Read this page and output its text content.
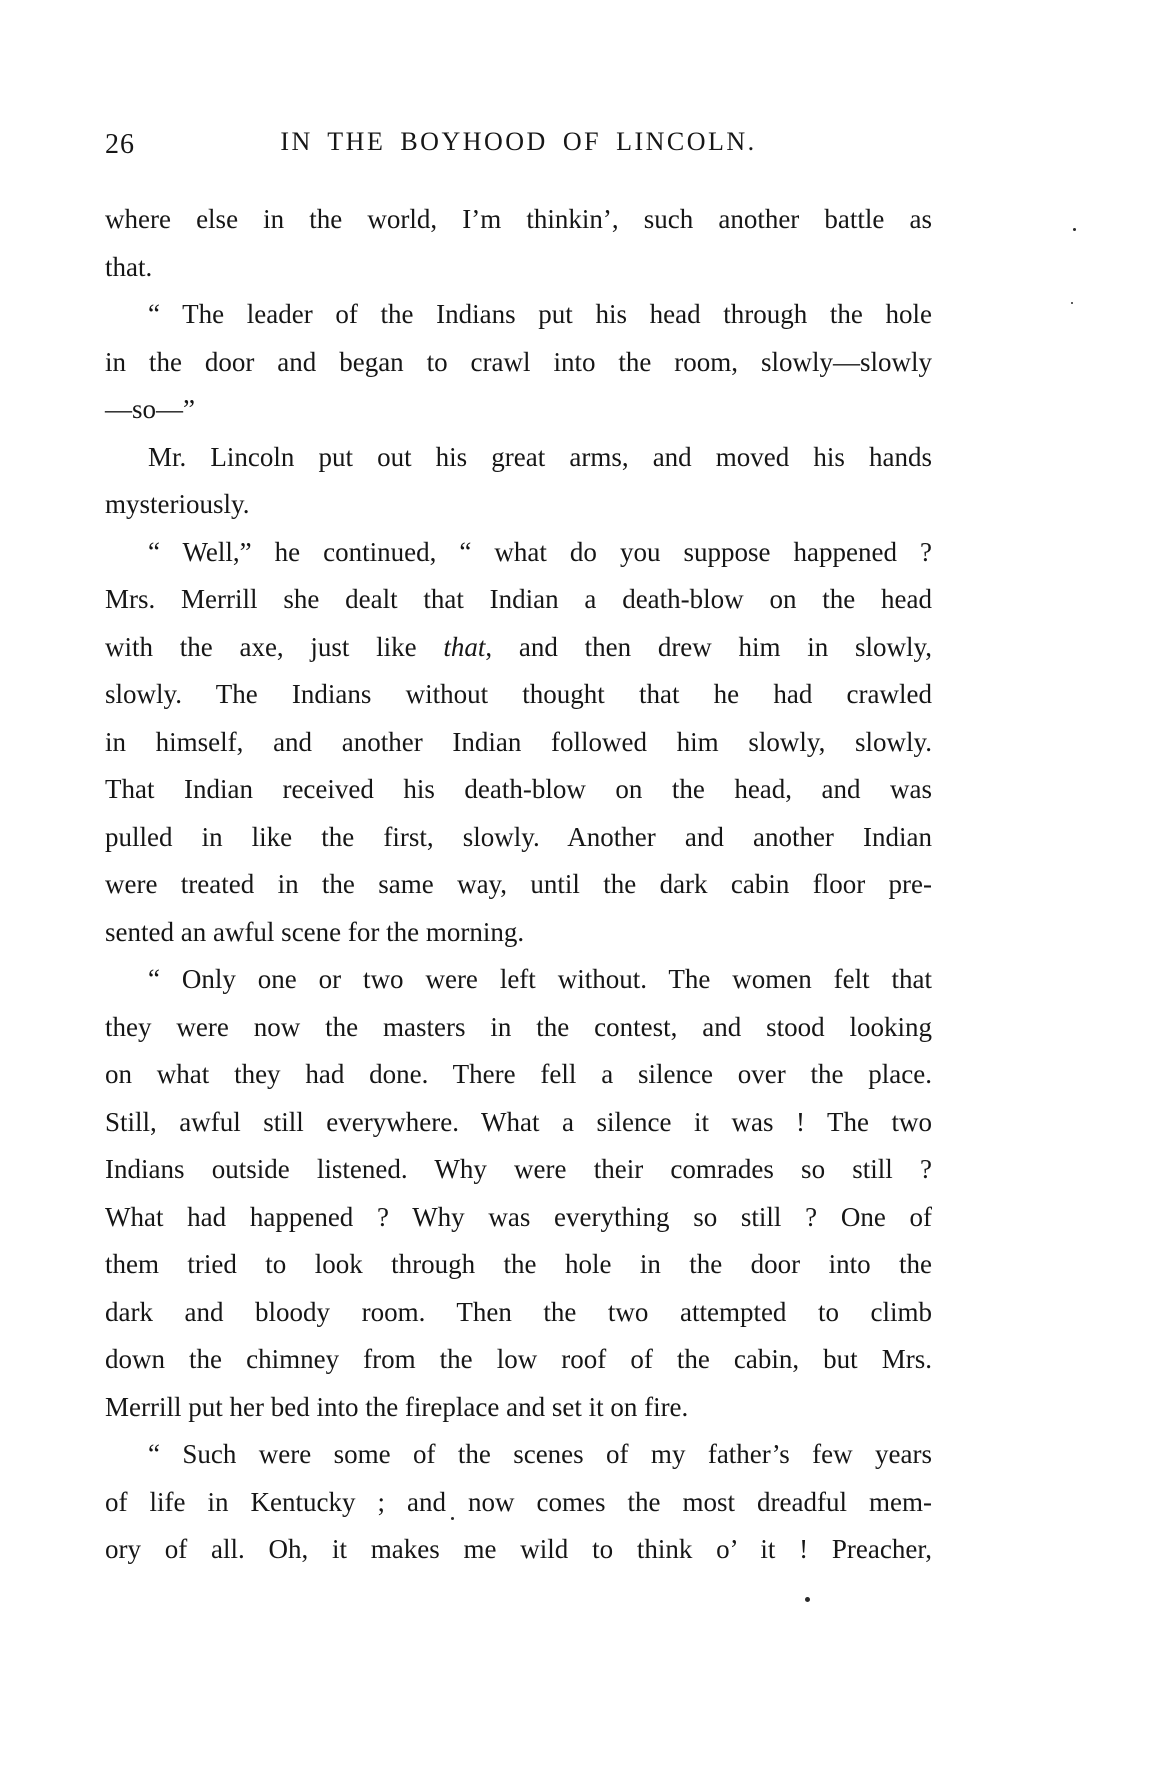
26	IN THE BOYHOOD OF LINCOLN.
where else in the world, I’m thinkin’, such another battle as
that.
“ The leader of the Indians put his head through the hole
in the door and began to crawl into the room, slowly—slowly
—so—”
Mr. Lincoln put out his great arms, and moved his hands
mysteriously.
“ Well,” he continued, “ what do you suppose happened ?
Mrs. Merrill she dealt that Indian a death-blow on the head
with the axe, just like that, and then drew him in slowly,
slowly. The Indians without thought that he had crawled
in himself, and another Indian followed him slowly, slowly.
That Indian received his death-blow on the head, and was
pulled in like the first, slowly. Another and another Indian
were treated in the same way, until the dark cabin floor pre-
sented an awful scene for the morning.
“ Only one or two were left without. The women felt that
they were now the masters in the contest, and stood looking
on what they had done. There fell a silence over the place.
Still, awful still everywhere. What a silence it was ! The two
Indians outside listened. Why were their comrades so still ?
What had happened ? Why was everything so still ? One of
them tried to look through the hole in the door into the
dark and bloody room. Then the two attempted to climb
down the chimney from the low roof of the cabin, but Mrs.
Merrill put her bed into the fireplace and set it on fire.
“ Such were some of the scenes of my father’s few years
of life in Kentucky ; and now comes the most dreadful mem-
ory of all. Oh, it makes me wild to think o’ it ! Preacher,
